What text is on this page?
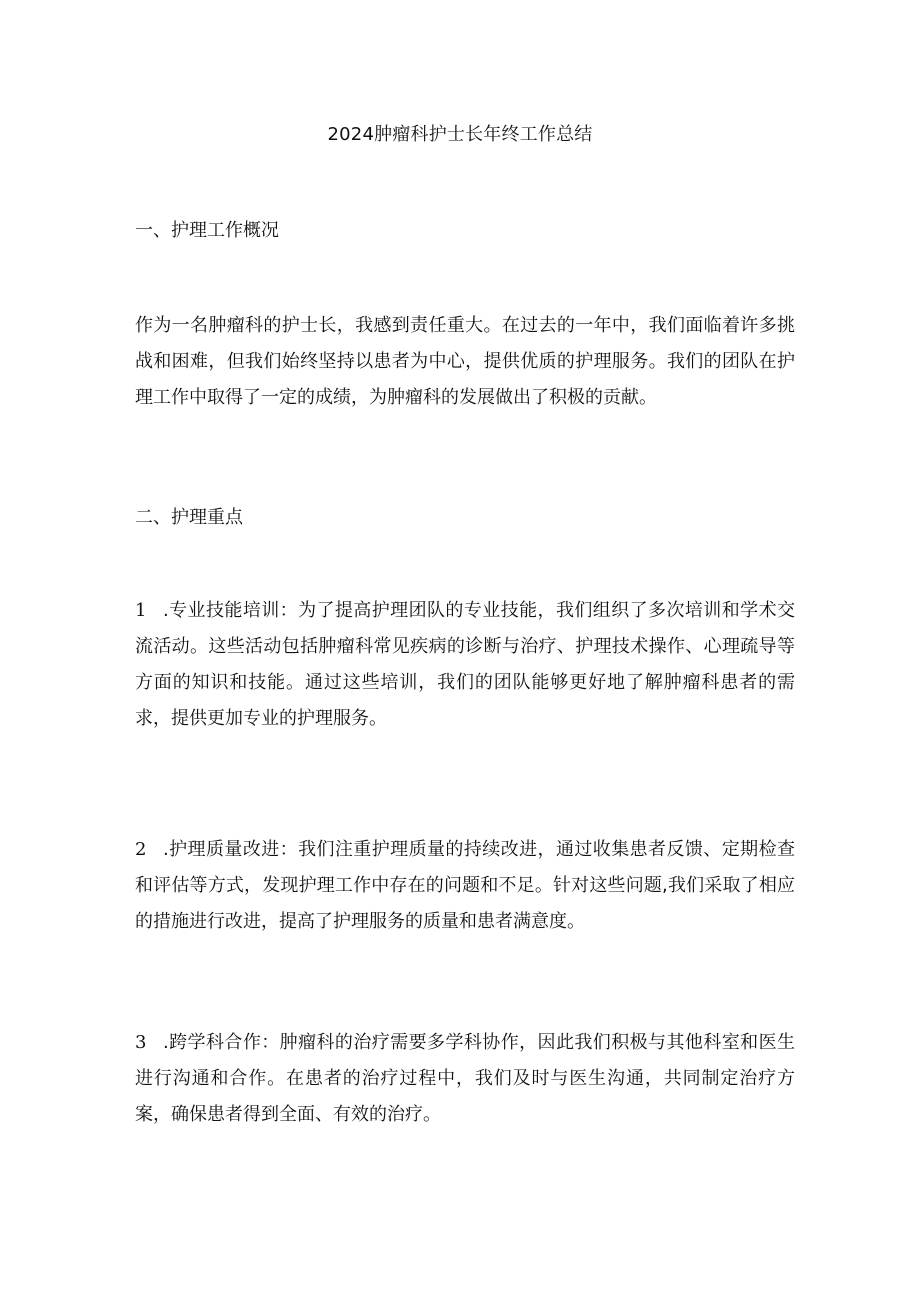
2024肿瘤科护士长年终工作总结
一、护理工作概况
作为一名肿瘤科的护士长，我感到责任重大。在过去的一年中，我们面临着许多挑战和困难，但我们始终坚持以患者为中心，提供优质的护理服务。我们的团队在护理工作中取得了一定的成绩，为肿瘤科的发展做出了积极的贡献。
二、护理重点
1 .专业技能培训：为了提高护理团队的专业技能，我们组织了多次培训和学术交流活动。这些活动包括肿瘤科常见疾病的诊断与治疗、护理技术操作、心理疏导等方面的知识和技能。通过这些培训，我们的团队能够更好地了解肿瘤科患者的需求，提供更加专业的护理服务。
2 .护理质量改进：我们注重护理质量的持续改进，通过收集患者反馈、定期检查和评估等方式，发现护理工作中存在的问题和不足。针对这些问题,我们采取了相应的措施进行改进，提高了护理服务的质量和患者满意度。
3 .跨学科合作：肿瘤科的治疗需要多学科协作，因此我们积极与其他科室和医生进行沟通和合作。在患者的治疗过程中，我们及时与医生沟通，共同制定治疗方案，确保患者得到全面、有效的治疗。
